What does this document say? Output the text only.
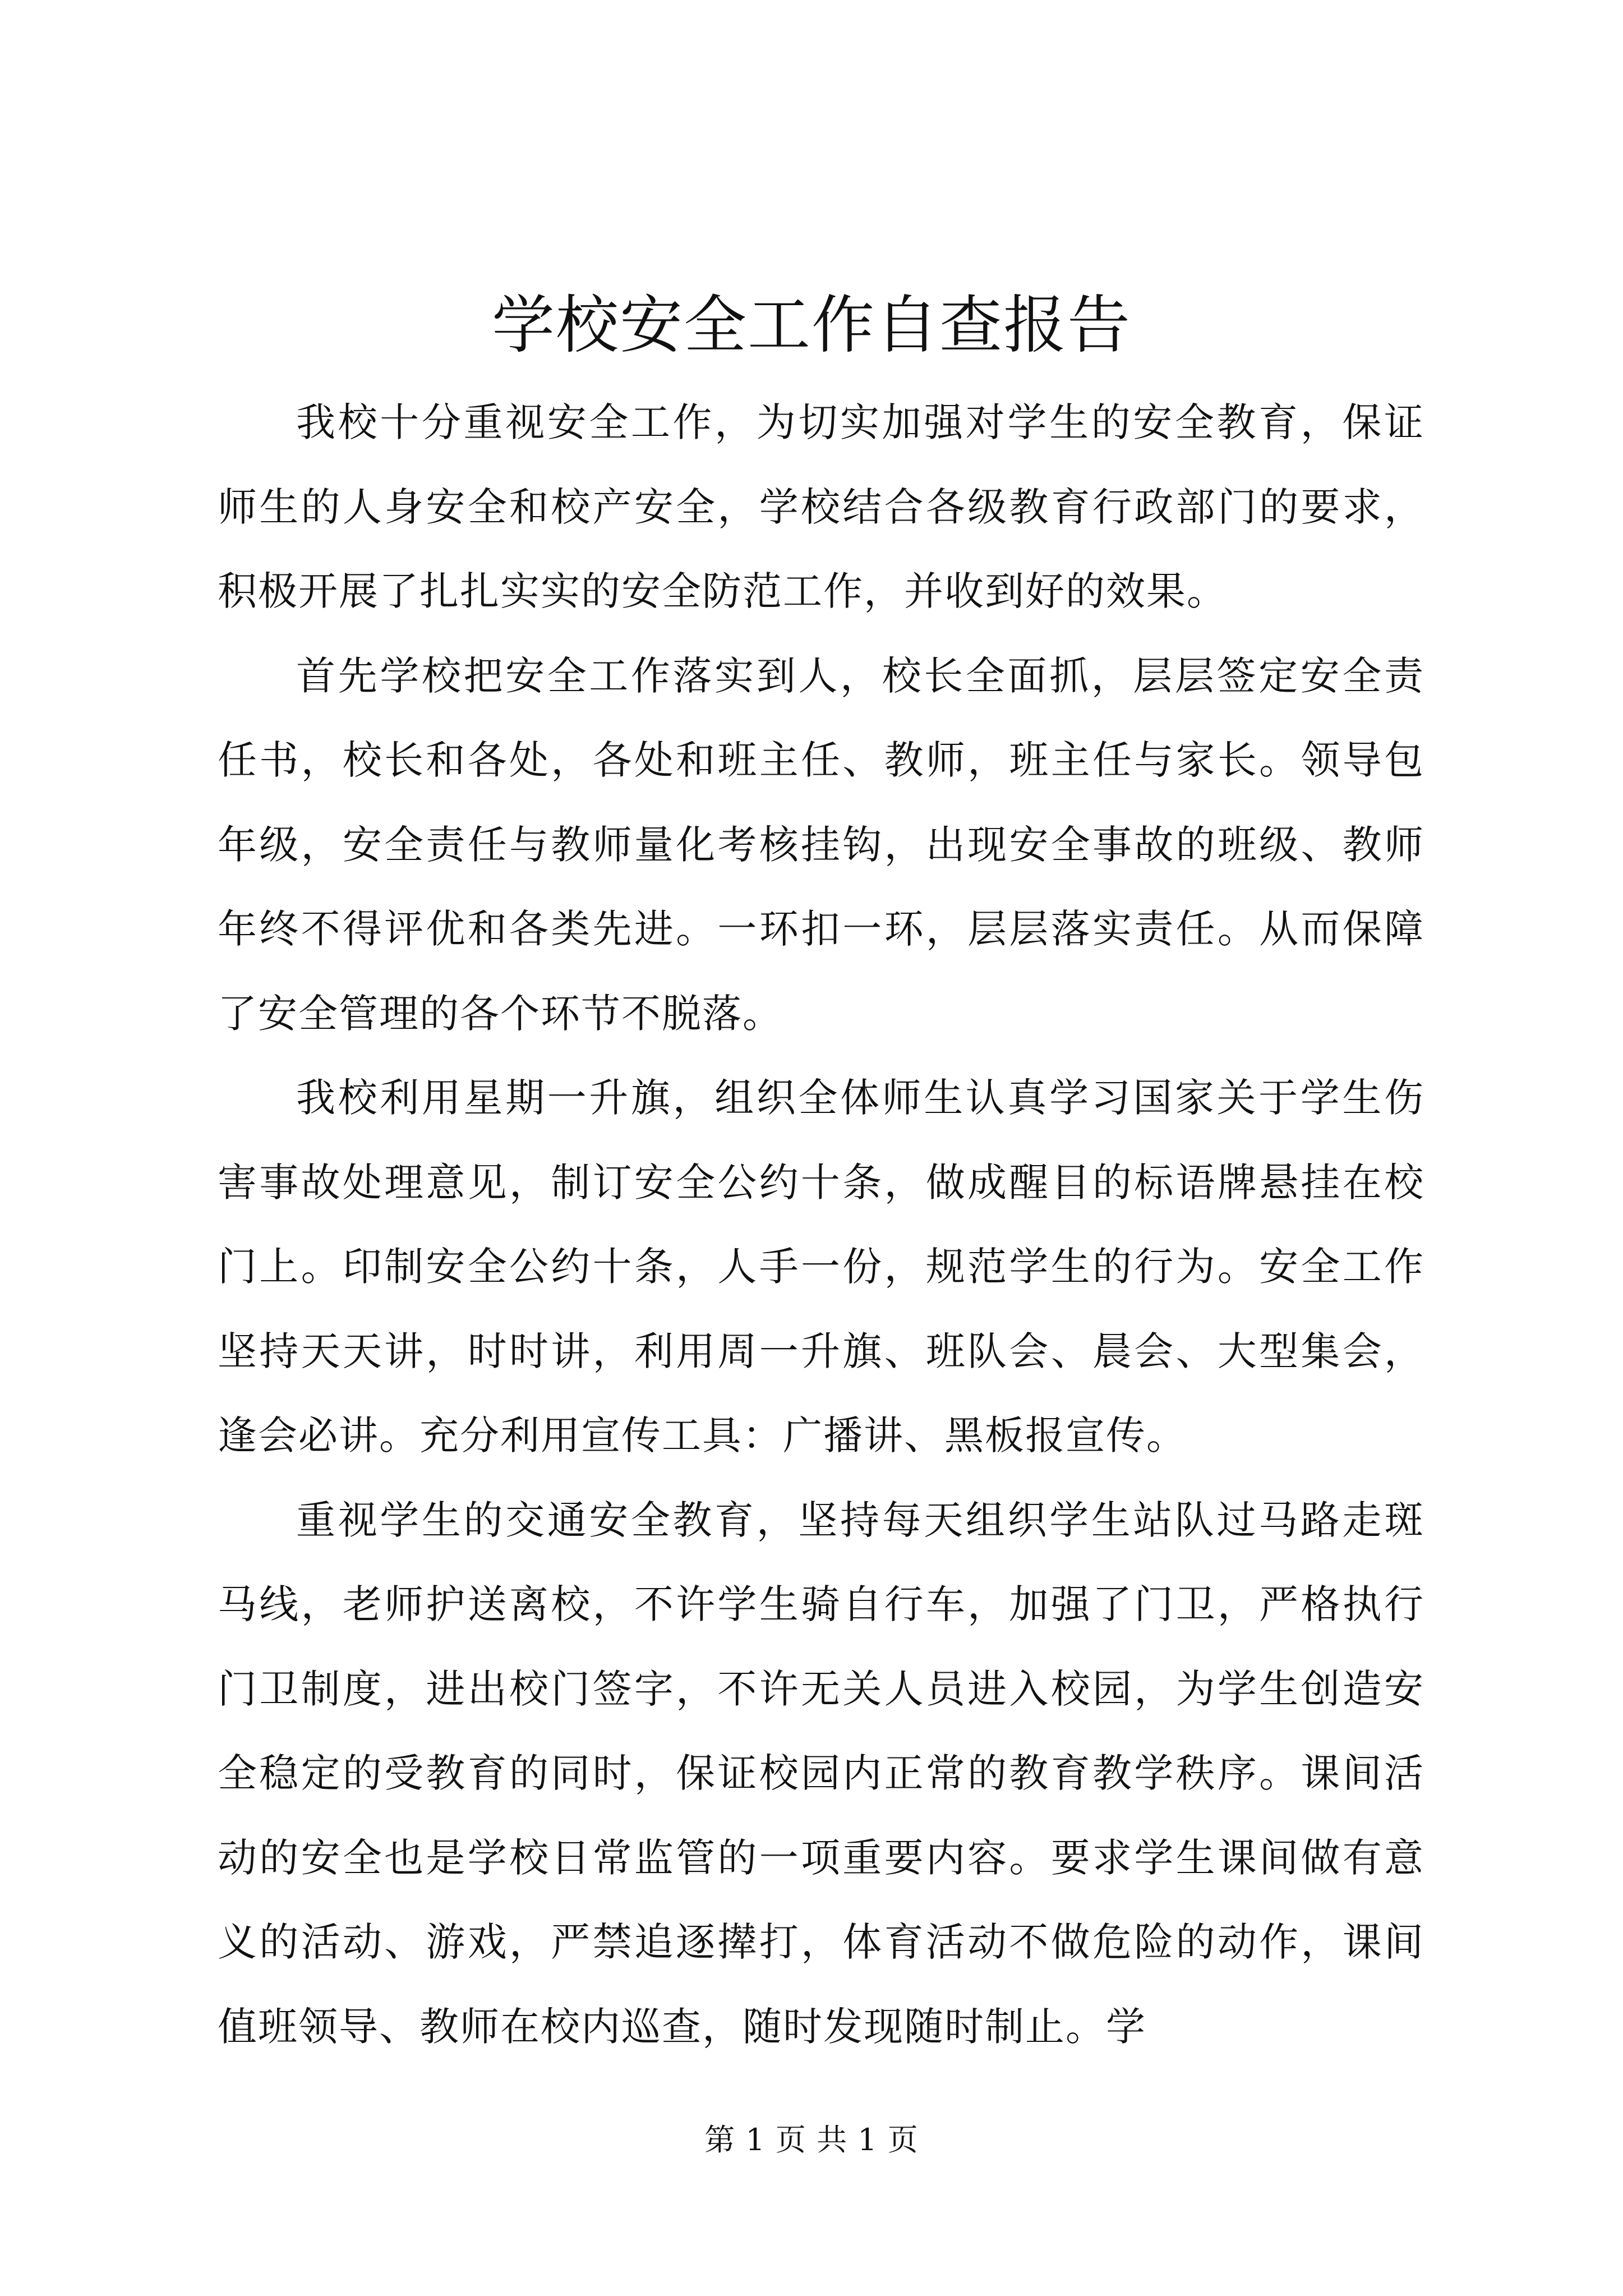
学校安全工作自查报告

我校十分重视安全工作，为切实加强对学生的安全教育，保证师生的人身安全和校产安全，学校结合各级教育行政部门的要求，积极开展了扎扎实实的安全防范工作，并收到好的效果。

首先学校把安全工作落实到人，校长全面抓，层层签定安全责任书，校长和各处，各处和班主任、教师，班主任与家长。领导包年级，安全责任与教师量化考核挂钩，出现安全事故的班级、教师年终不得评优和各类先进。一环扣一环，层层落实责任。从而保障了安全管理的各个环节不脱落。

我校利用星期一升旗，组织全体师生认真学习国家关于学生伤害事故处理意见，制订安全公约十条，做成醒目的标语牌悬挂在校门上。印制安全公约十条，人手一份，规范学生的行为。安全工作坚持天天讲，时时讲，利用周一升旗、班队会、晨会、大型集会，逢会必讲。充分利用宣传工具：广播讲、黑板报宣传。

重视学生的交通安全教育，坚持每天组织学生站队过马路走斑马线，老师护送离校，不许学生骑自行车，加强了门卫，严格执行门卫制度，进出校门签字，不许无关人员进入校园，为学生创造安全稳定的受教育的同时，保证校园内正常的教育教学秩序。课间活动的安全也是学校日常监管的一项重要内容。要求学生课间做有意义的活动、游戏，严禁追逐撵打，体育活动不做危险的动作，课间值班领导、教师在校内巡查，随时发现随时制止。学

第 1 页 共 1 页
